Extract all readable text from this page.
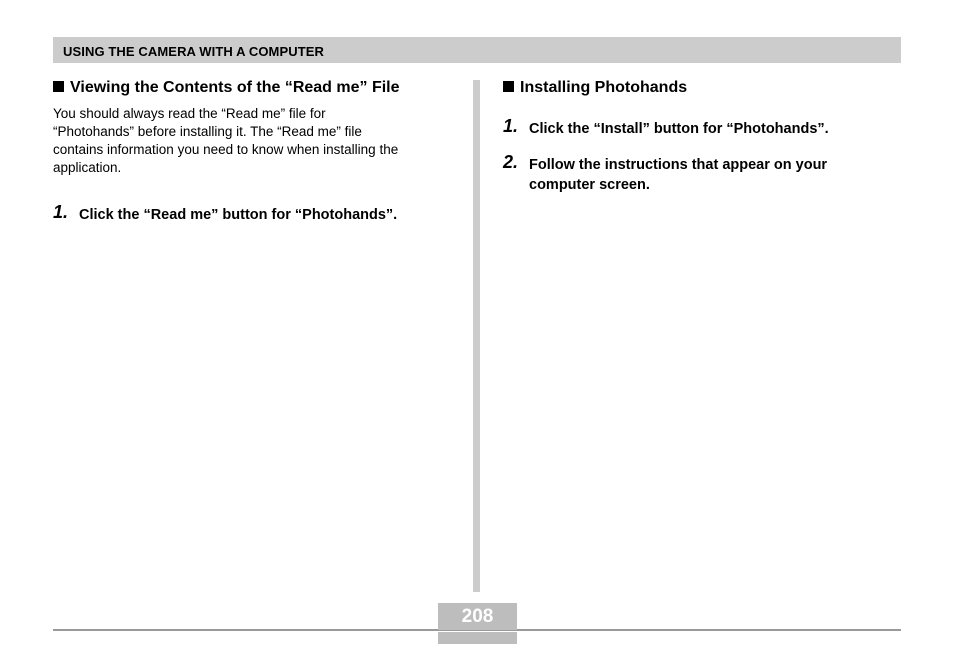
USING THE CAMERA WITH A COMPUTER
Viewing the Contents of the “Read me” File
You should always read the “Read me” file for
“Photohands” before installing it. The “Read me” file
contains information you need to know when installing the
application.
1. Click the “Read me” button for “Photohands”.
Installing Photohands
1. Click the “Install” button for “Photohands”.
2. Follow the instructions that appear on your
computer screen.
208
